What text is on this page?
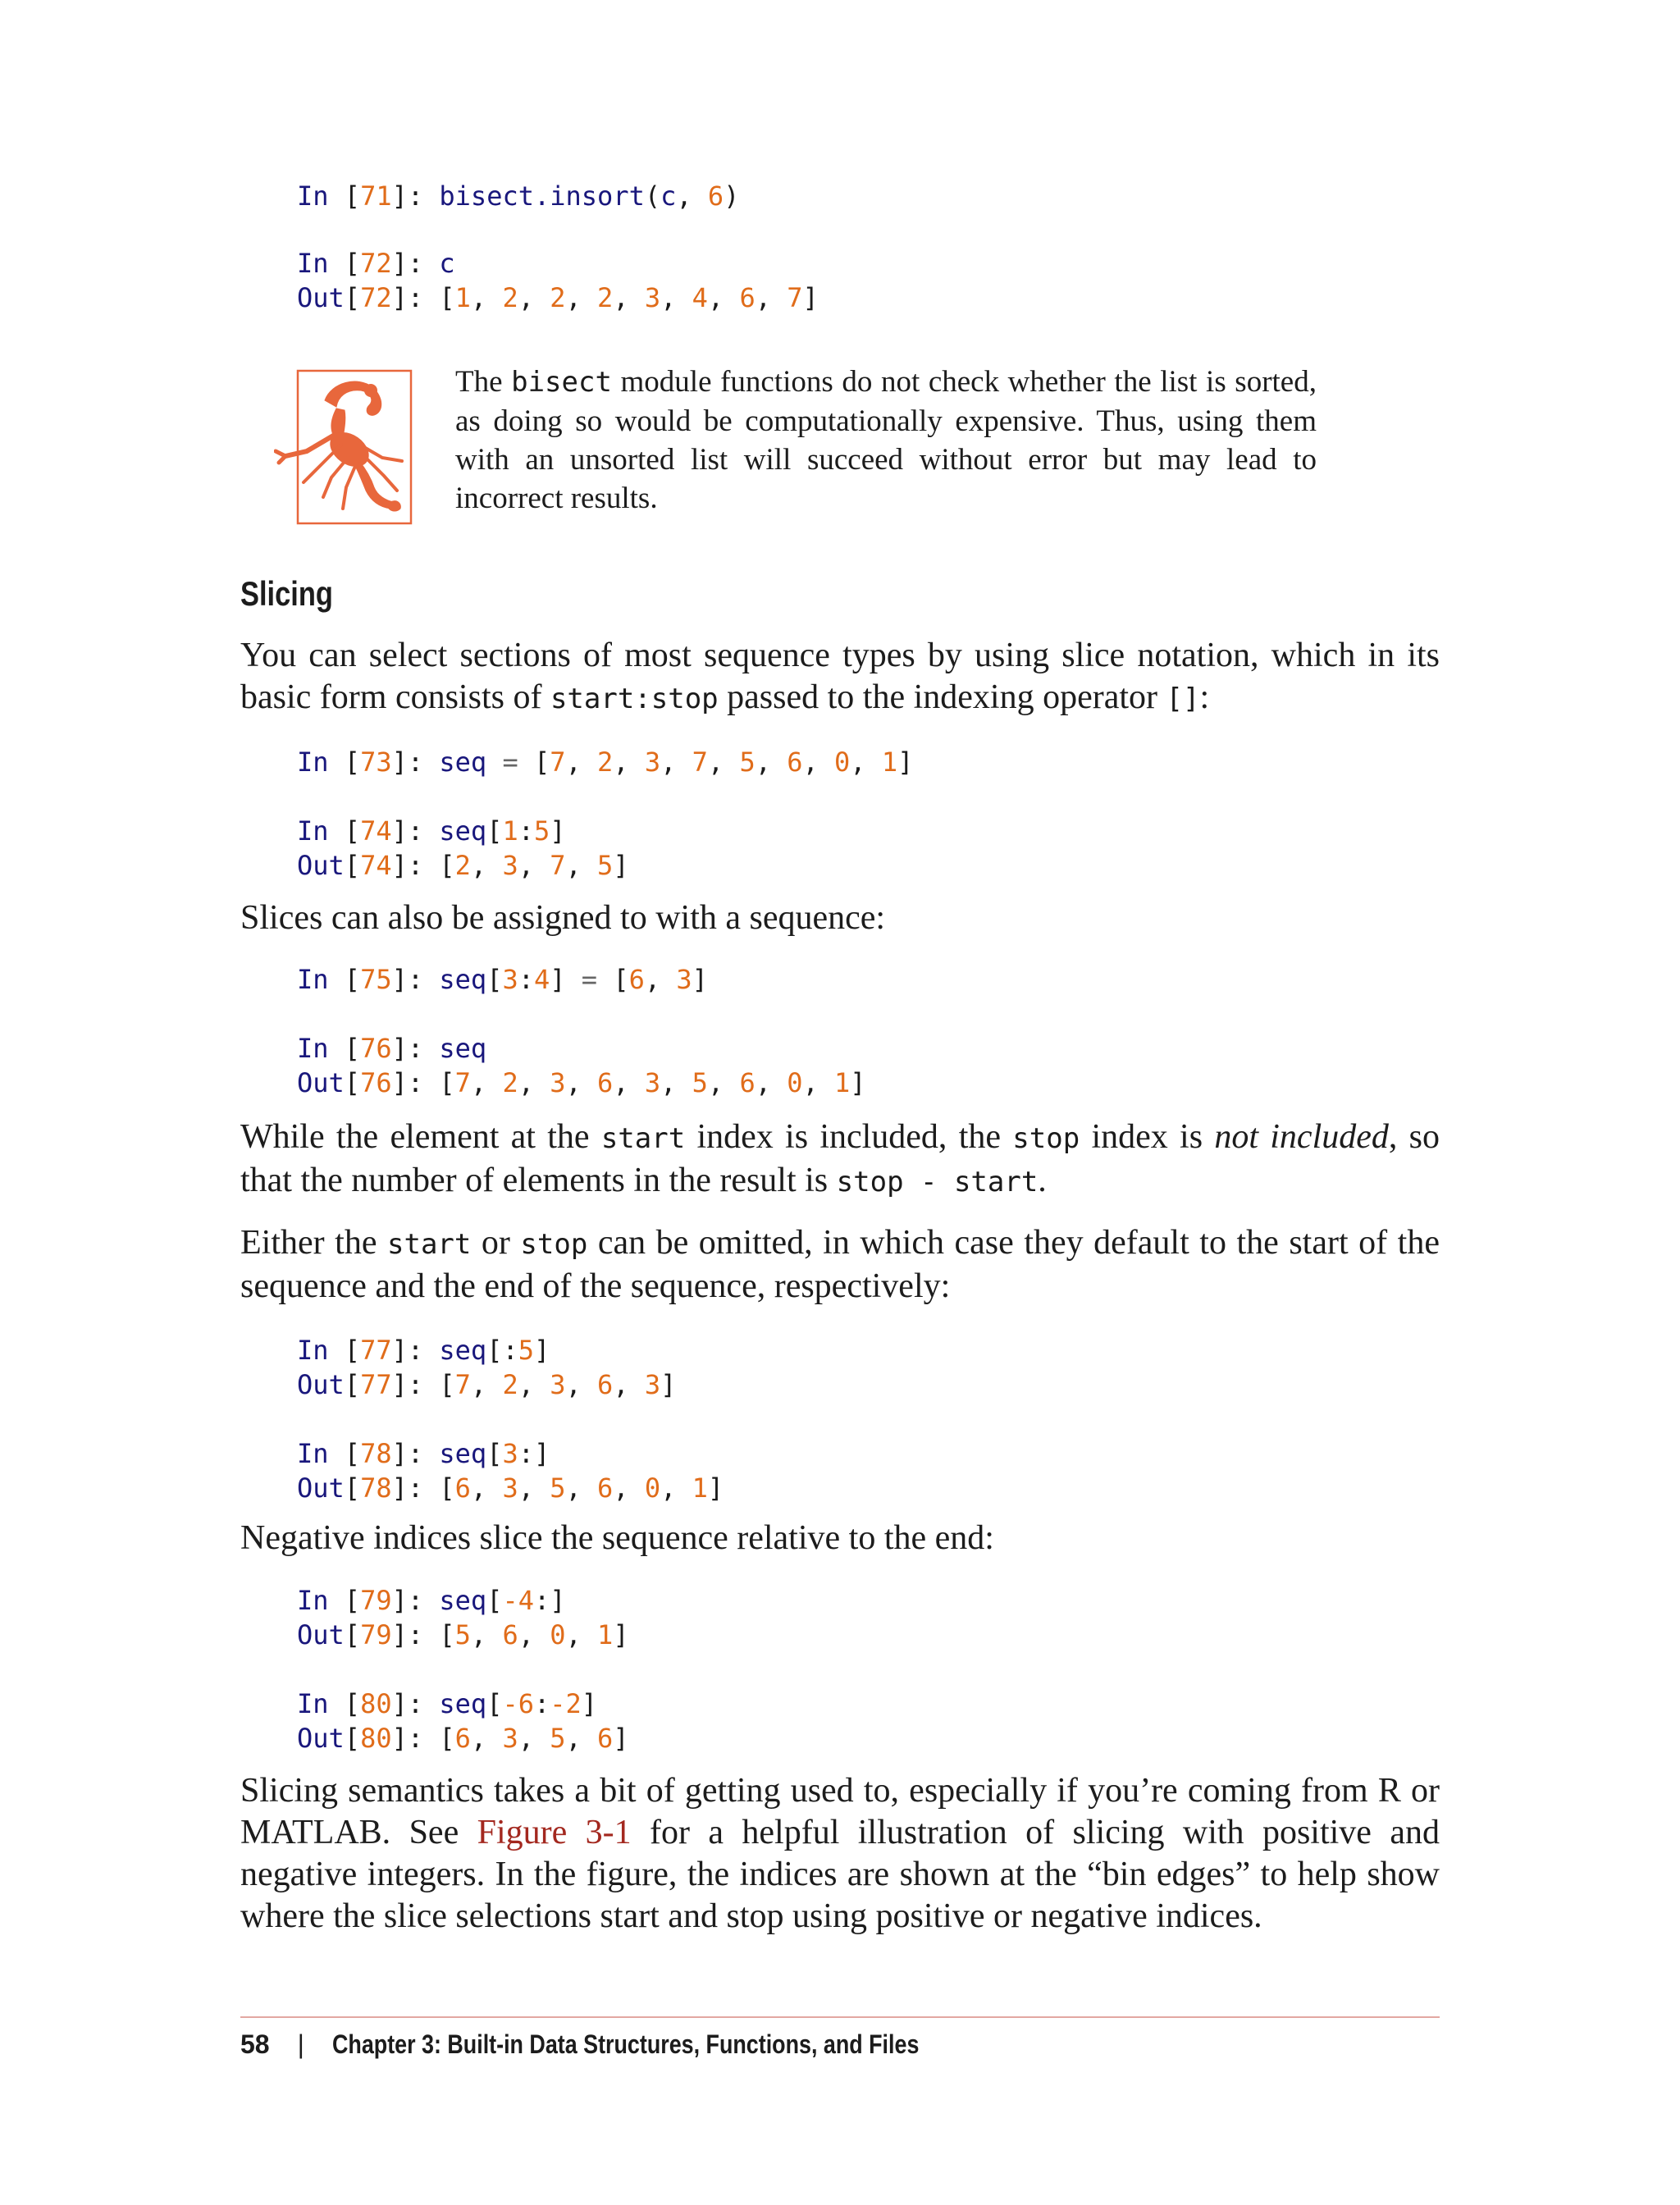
In [71]: bisect.insort(c, 6)
In [72]: c
Out[72]: [1, 2, 2, 2, 3, 4, 6, 7]

The bisect module functions do not check whether the list is sorted, as doing so would be computationally expensive. Thus, using them with an unsorted list will succeed without error but may lead to incorrect results.

Slicing

You can select sections of most sequence types by using slice notation, which in its basic form consists of start:stop passed to the indexing operator []:

In [73]: seq = [7, 2, 3, 7, 5, 6, 0, 1]
In [74]: seq[1:5]
Out[74]: [2, 3, 7, 5]

Slices can also be assigned to with a sequence:

In [75]: seq[3:4] = [6, 3]
In [76]: seq
Out[76]: [7, 2, 3, 6, 3, 5, 6, 0, 1]

While the element at the start index is included, the stop index is not included, so that the number of elements in the result is stop - start.

Either the start or stop can be omitted, in which case they default to the start of the sequence and the end of the sequence, respectively:

In [77]: seq[:5]
Out[77]: [7, 2, 3, 6, 3]
In [78]: seq[3:]
Out[78]: [6, 3, 5, 6, 0, 1]

Negative indices slice the sequence relative to the end:

In [79]: seq[-4:]
Out[79]: [5, 6, 0, 1]
In [80]: seq[-6:-2]
Out[80]: [6, 3, 5, 6]

Slicing semantics takes a bit of getting used to, especially if you’re coming from R or MATLAB. See Figure 3-1 for a helpful illustration of slicing with positive and negative integers. In the figure, the indices are shown at the “bin edges” to help show where the slice selections start and stop using positive or negative indices.

58 | Chapter 3: Built-in Data Structures, Functions, and Files
